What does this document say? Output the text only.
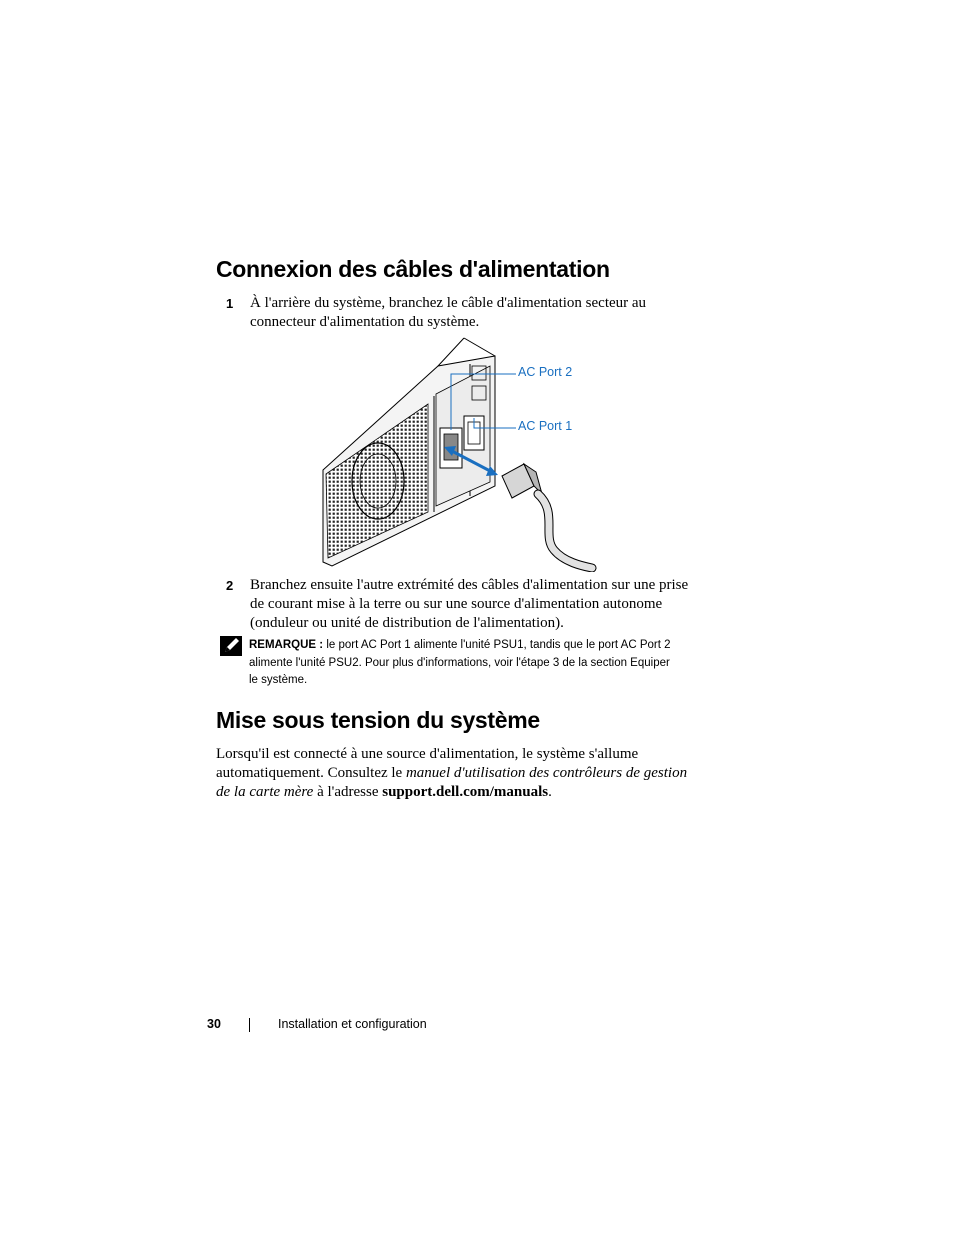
Connexion des câbles d'alimentation
1 À l'arrière du système, branchez le câble d'alimentation secteur au
connecteur d'alimentation du système.
AC Port 2
AC Port 1
2 Branchez ensuite l'autre extrémité des câbles d'alimentation sur une prise
de courant mise à la terre ou sur une source d'alimentation autonome
(onduleur ou unité de distribution de l'alimentation).
REMARQUE : le port AC Port 1 alimente l'unité PSU1, tandis que le port AC Port 2
alimente l'unité PSU2. Pour plus d'informations, voir l'étape 3 de la section Equiper
le système.
Mise sous tension du système
Lorsqu'il est connecté à une source d'alimentation, le système s'allume
automatiquement. Consultez le manuel d'utilisation des contrôleurs de gestion
de la carte mère à l'adresse support.dell.com/manuals.
30	Installation et configuration
